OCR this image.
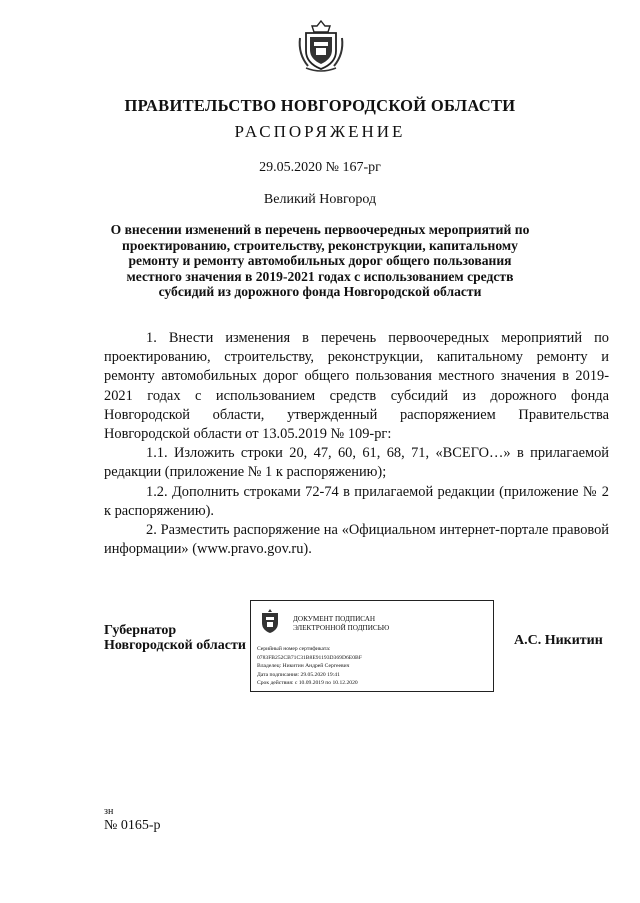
ПРАВИТЕЛЬСТВО НОВГОРОДСКОЙ ОБЛАСТИ
РАСПОРЯЖЕНИЕ
29.05.2020 № 167-рг
Великий Новгород
О внесении изменений в перечень первоочередных мероприятий по проектированию, строительству, реконструкции, капитальному ремонту и ремонту автомобильных дорог общего пользования местного значения в 2019-2021 годах с использованием средств субсидий из дорожного фонда Новгородской области

1. Внести изменения в перечень первоочередных мероприятий по проектированию, строительству, реконструкции, капитальному ремонту и ремонту автомобильных дорог общего пользования местного значения в 2019-2021 годах с использованием средств субсидий из дорожного фонда Новгородской области, утвержденный распоряжением Правительства Новгородской области от 13.05.2019 № 109-рг:

1.1. Изложить строки 20, 47, 60, 61, 68, 71, «ВСЕГО…» в прилагаемой редакции (приложение № 1 к распоряжению);

1.2. Дополнить строками 72-74 в прилагаемой редакции (приложение № 2 к распоряжению).

2. Разместить распоряжение на «Официальном интернет-портале правовой информации» (www.pravo.gov.ru).

Губернатор
Новгородской области
ДОКУМЕНТ ПОДПИСАН
ЭЛЕКТРОННОЙ ПОДПИСЬЮ
Серийный номер сертификата:
0783FB252CB71C31B8E91193D369D6E0BF
Владелец: Никитин Андрей Сергеевич
Дата подписания: 29.05.2020 19:41
Срок действия: с 10.09.2019 по 10.12.2020
А.С. Никитин
зн
№ 0165-р
